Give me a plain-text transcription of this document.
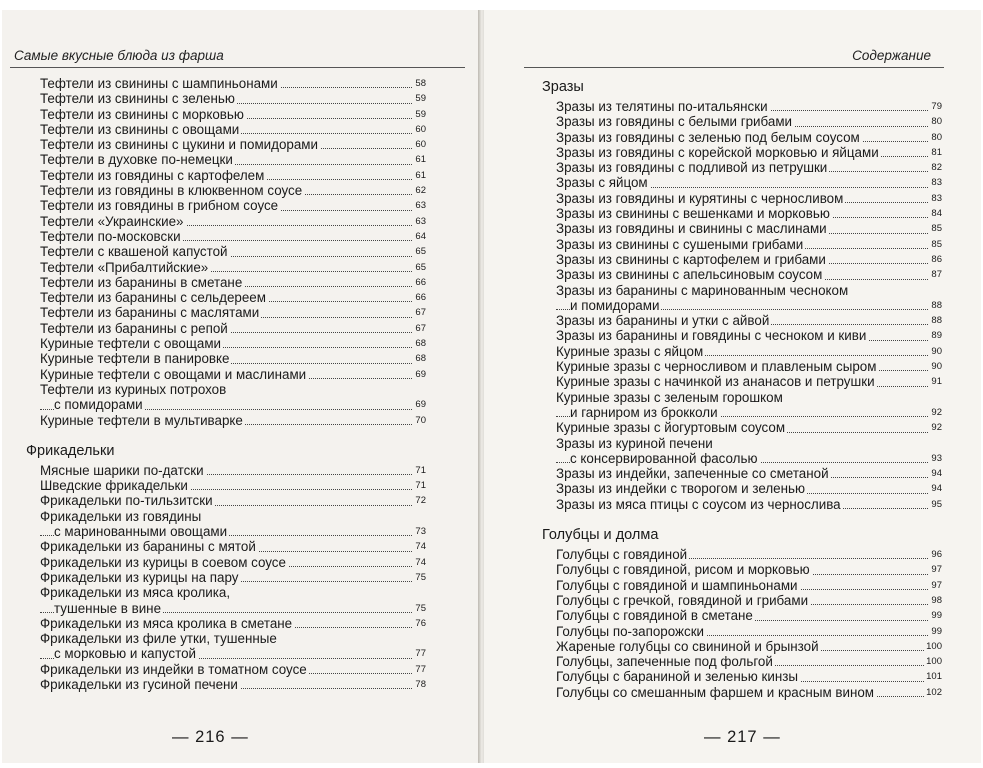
Самые вкусные блюда из фарша
Тефтели из свинины с шампиньонами	58
Тефтели из свинины с зеленью	59
Тефтели из свинины с морковью	59
Тефтели из свинины с овощами	60
Тефтели из свинины с цукини и помидорами	60
Тефтели в духовке по-немецки	61
Тефтели из говядины с картофелем	61
Тефтели из говядины в клюквенном соусе	62
Тефтели из говядины в грибном соусе	63
Тефтели «Украинские»	63
Тефтели по-московски	64
Тефтели с квашеной капустой	65
Тефтели «Прибалтийские»	65
Тефтели из баранины в сметане	66
Тефтели из баранины с сельдереем	66
Тефтели из баранины с маслятами	67
Тефтели из баранины с репой	67
Куриные тефтели с овощами	68
Куриные тефтели в панировке	68
Куриные тефтели с овощами и маслинами	69
Тефтели из куриных потрохов
с помидорами	69
Куриные тефтели в мультиварке	70
Фрикадельки
Мясные шарики по-датски	71
Шведские фрикадельки	71
Фрикадельки по-тильзитски	72
Фрикадельки из говядины
с маринованными овощами	73
Фрикадельки из баранины с мятой	74
Фрикадельки из курицы в соевом соусе	74
Фрикадельки из курицы на пару	75
Фрикадельки из мяса кролика,
тушенные в вине	75
Фрикадельки из мяса кролика в сметане	76
Фрикадельки из филе утки, тушенные
с морковью и капустой	77
Фрикадельки из индейки в томатном соусе	77
Фрикадельки из гусиной печени	78
— 216 —
Содержание
Зразы
Зразы из телятины по-итальянски	79
Зразы из говядины с белыми грибами	80
Зразы из говядины с зеленью под белым соусом	80
Зразы из говядины с корейской морковью и яйцами	81
Зразы из говядины с подливой из петрушки	82
Зразы с яйцом	83
Зразы из говядины и курятины с черносливом	83
Зразы из свинины с вешенками и морковью	84
Зразы из говядины и свинины с маслинами	85
Зразы из свинины с сушеными грибами	85
Зразы из свинины с картофелем и грибами	86
Зразы из свинины с апельсиновым соусом	87
Зразы из баранины с маринованным чесноком
и помидорами	88
Зразы из баранины и утки с айвой	88
Зразы из баранины и говядины с чесноком и киви	89
Куриные зразы с яйцом	90
Куриные зразы с черносливом и плавленым сыром	90
Куриные зразы с начинкой из ананасов и петрушки	91
Куриные зразы с зеленым горошком
и гарниром из брокколи	92
Куриные зразы с йогуртовым соусом	92
Зразы из куриной печени
с консервированной фасолью	93
Зразы из индейки, запеченные со сметаной	94
Зразы из индейки с творогом и зеленью	94
Зразы из мяса птицы с соусом из чернослива	95
Голубцы и долма
Голубцы с говядиной	96
Голубцы с говядиной, рисом и морковью	97
Голубцы с говядиной и шампиньонами	97
Голубцы с гречкой, говядиной и грибами	98
Голубцы с говядиной в сметане	99
Голубцы по-запорожски	99
Жареные голубцы со свининой и брынзой	100
Голубцы, запеченные под фольгой	100
Голубцы с бараниной и зеленью кинзы	101
Голубцы со смешанным фаршем и красным вином	102
— 217 —
